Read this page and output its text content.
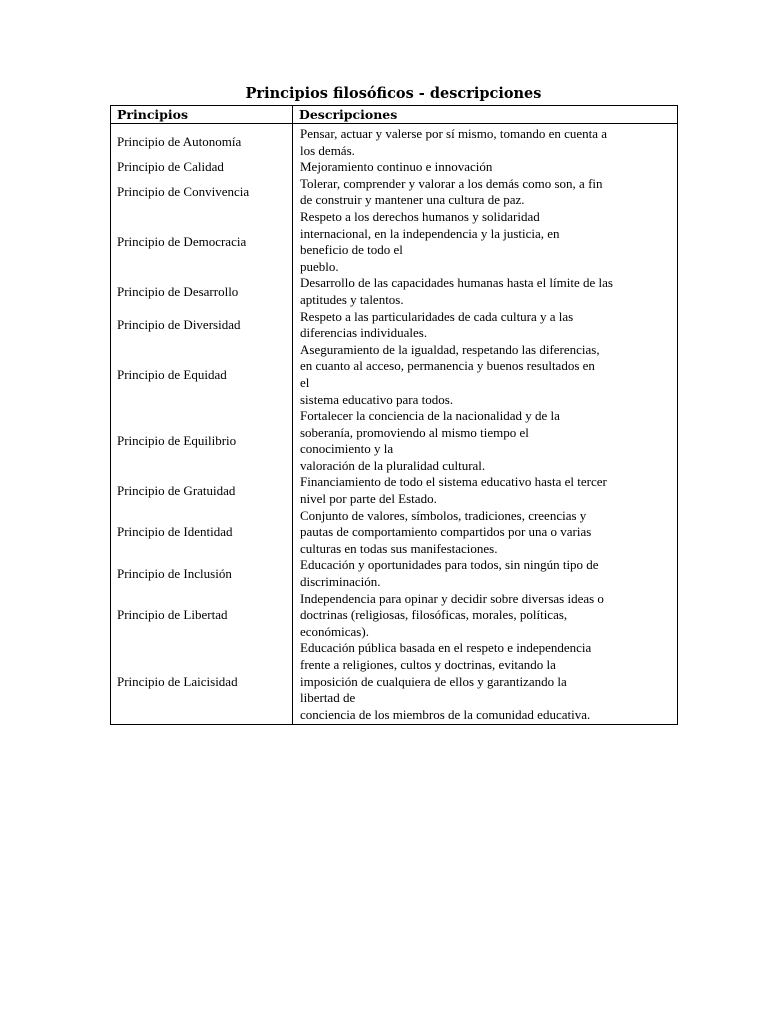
Principios filosóficos - descripciones
Principios	Descripciones
Principio de Autonomía	Pensar, actuar y valerse por sí mismo, tomando en cuenta a
los demás.

Principio de Calidad	Mejoramiento continuo e innovación

Principio de Convivencia	Tolerar, comprender y valorar a los demás como son, a fin
de construir y mantener una cultura de paz.

Principio de Democracia	Respeto a los derechos humanos y solidaridad
internacional, en la independencia y la justicia, en
beneficio de todo el
pueblo.

Principio de Desarrollo	Desarrollo de las capacidades humanas hasta el límite de las
aptitudes y talentos.

Principio de Diversidad	Respeto a las particularidades de cada cultura y a las
diferencias individuales.

Principio de Equidad	Aseguramiento de la igualdad, respetando las diferencias,
en cuanto al acceso, permanencia y buenos resultados en
el
sistema educativo para todos.

Principio de Equilibrio	Fortalecer la conciencia de la nacionalidad y de la
soberanía, promoviendo al mismo tiempo el
conocimiento y la
valoración de la pluralidad cultural.

Principio de Gratuidad	Financiamiento de todo el sistema educativo hasta el tercer
nivel por parte del Estado.

Principio de Identidad	Conjunto de valores, símbolos, tradiciones, creencias y
pautas de comportamiento compartidos por una o varias
culturas en todas sus manifestaciones.

Principio de Inclusión	Educación y oportunidades para todos, sin ningún tipo de
discriminación.

Principio de Libertad	Independencia para opinar y decidir sobre diversas ideas o
doctrinas (religiosas, filosóficas, morales, políticas,
económicas).

Principio de Laicisidad	Educación pública basada en el respeto e independencia
frente a religiones, cultos y doctrinas, evitando la
imposición de cualquiera de ellos y garantizando la
libertad de
conciencia de los miembros de la comunidad educativa.
